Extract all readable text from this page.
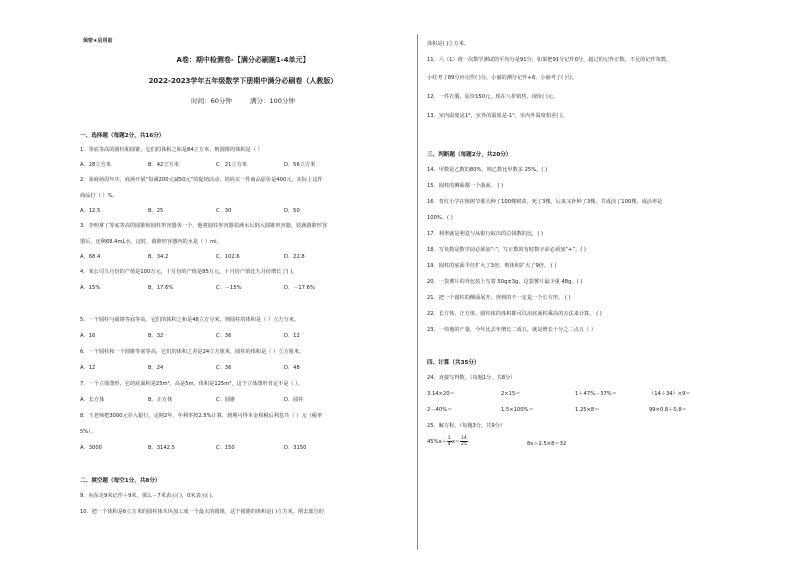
保密★启用前
A卷：期中检测卷-【满分必刷题1-4单元】
2022-2023学年五年级数学下册期中满分必刷卷（人教版）
时间：60分钟	满分：100分钟
一、选择题（每题2分，共16分）
1．等底等高的圆柱和圆锥，它们的体积之和是84立方米，则圆锥的体积是（ ）
A．28立方米	B．42立方米	C．21立方米	D．56立方米
2．某商场周年庆，商场开展“每满200元减50元”的促销活动，妈妈买一件商品原价是400元，实际上这件
商品打（ ）%。
A．12.5	B．25	C．30	D．50
3．李明拿了等底等高的圆锥和圆柱形容器各一个，他将圆柱形容器装满水后倒入圆锥形容器，装满圆锥形容
器后，还剩68.4mL水，这时，圆锥形容器内的水是（ ）ml。
A．68.4	B．34.2	C．102.6	D．22.8
4．某公司九月份的产值是100万元，十月份的产值是85万元，十月份产值比九月份增长了( )。
A．15%	B．17.6%	C．－15%	D．－17.6%
5．一个圆柱与圆锥等底等高，它们的体积之和是48立方分米，则圆柱的体积是（ ）立方分米。
A．16	B．32	C．36	D．12
6．一个圆柱和一个圆锥等底等高，它们的体积之差是24立方厘米，圆柱的体积是（ ）立方厘米。
A．12	B．24	C．36	D．48
7．一个立体图形，它的底面积是25m²，高是5m，体积是125m³，这个立体图形肯定不是（ ）。
A．长方体	B．正方体	C．圆锥	D．圆柱
8．王老师把3000元存入银行，定期2年，年利率按2.5%计算，到期可得本金和税后利息共（ ）元（税率
5%）。
A．3000	B．3142.5	C．150	D．3150
二、填空题（每空1分，共8分）
9．向东走9米记作＋9米，那么－7米表示( )，0米表示( )。
10．把一个体积是6立方米的圆柱体木块加工成一个最大的圆锥，这个圆锥的体积是( )立方米，削去部分的
体积是( )立方米。
11．六（1）班一次数学测试的平均分是91分，如果把91分记作0分，超过的记作正数，不足的记作负数。
小红考了89分应记作( )分，小丽的测分记作+8，小丽考了( )分。
12．一件衣服，原价150元，现在八折销售，现价( )元。
13．室内温度是1°，室外的温度是-1°，室内外温度相差( )。
三、判断题（每题2分，共20分）
14．甲数是乙数的80%，则乙数比甲数多 25%。( )
15．圆柱的侧面都一个曲面。 ( )
16．育红小学在植树节那天种了100棵树苗，死了3棵，后来又补种了3棵，共成活了100棵，成活率是
100%。( )
17．利率就是利息与从银行取出的总钱数的比。( )
18．写负数是数学前必须加“-”，写正数时有时数字前必须加“+”。( )
19．圆柱的底面半径扩大了3倍，则体积扩大了9倍。 ( )
20．一袋薯片的外包装上写着 50g±3g，这袋薯片最少重 48g。( )
21．把一个圆柱的侧面展开，得到的不一定是一个长方形。 ( )
22．长方体、正方体、圆柱体的体积都可以用底面积乘高的方法来计算。 ( )
23．一块地的产量，今年比去年增长二成五，就是增长十分之二点五（ ）
四、计算（共35分）
24．直接写得数。（每题1分，共8分）
3.14×20＝	2×15＝	1＋47%－37%＝	（14＋34）×9＝
2－40%＝	1.5×100%＝	1.25×8＝	99×0.8＋0.8＝
25．解方程。（每题3分，共9分）
$45\%x+ \frac{1}{4} x= \frac{14}{25}$	8x＋2.5×8＝32
